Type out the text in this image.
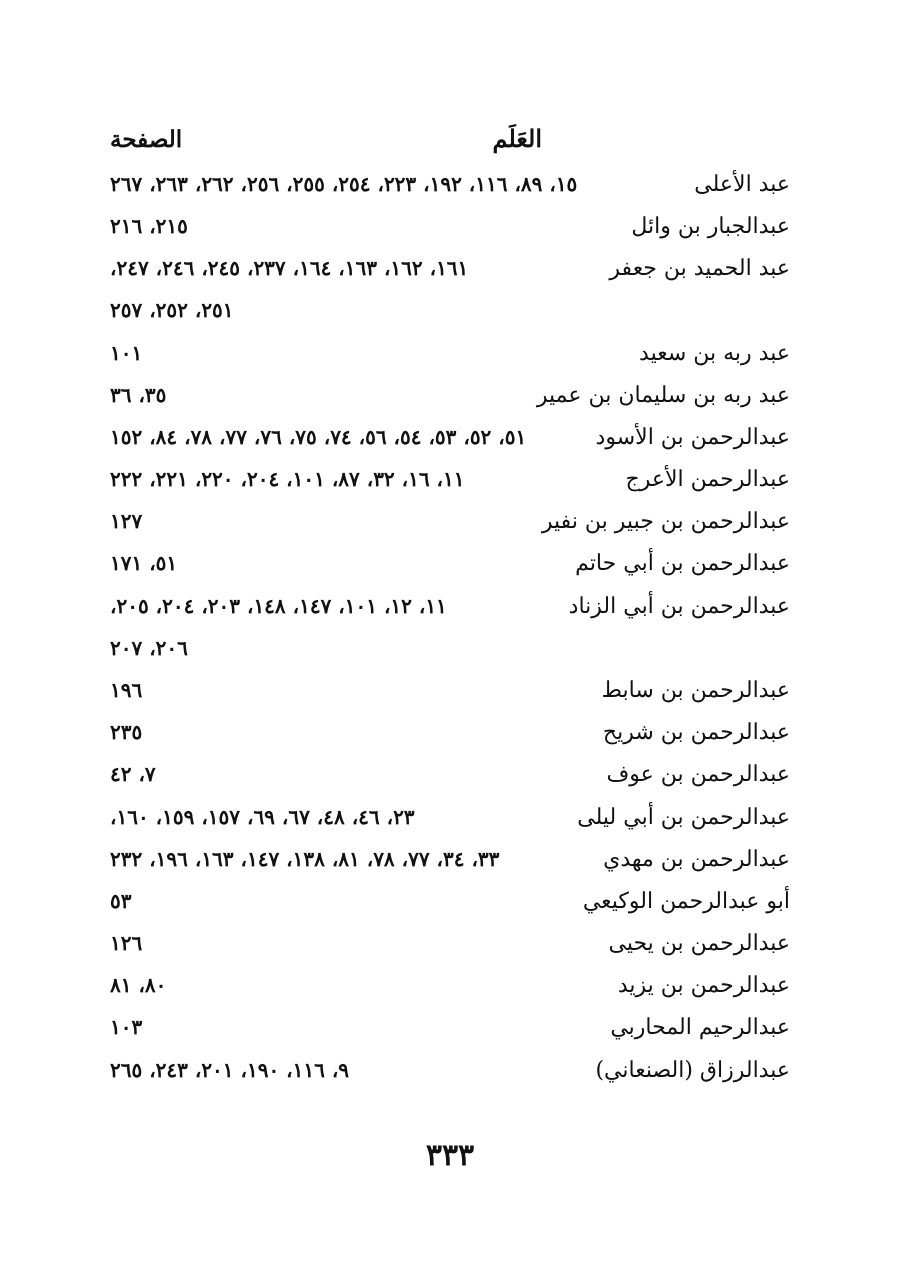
العَلَم
الصفحة
عبد الأعلى
١٥، ٨٩، ١١٦، ١٩٢، ٢٢٣، ٢٥٤، ٢٥٥، ٢٥٦، ٢٦٢، ٢٦٣، ٢٦٧
عبدالجبار بن وائل
٢١٥، ٢١٦
عبد الحميد بن جعفر
١٦١، ١٦٢، ١٦٣، ١٦٤، ٢٣٧، ٢٤٥، ٢٤٦، ٢٤٧،
٢٥١، ٢٥٢، ٢٥٧
عبد ربه بن سعيد
١٠١
عبد ربه بن سليمان بن عمير
٣٥، ٣٦
عبدالرحمن بن الأسود
٥١، ٥٢، ٥٣، ٥٤، ٥٦، ٧٤، ٧٥، ٧٦، ٧٧، ٧٨، ٨٤، ١٥٢
عبدالرحمن الأعرج
١١، ١٦، ٣٢، ٨٧، ١٠١، ٢٠٤، ٢٢٠، ٢٢١، ٢٢٢
عبدالرحمن بن جبير بن نفير
١٢٧
عبدالرحمن بن أبي حاتم
٥١، ١٧١
عبدالرحمن بن أبي الزناد
١١، ١٢، ١٠١، ١٤٧، ١٤٨، ٢٠٣، ٢٠٤، ٢٠٥،
٢٠٦، ٢٠٧
عبدالرحمن بن سابط
١٩٦
عبدالرحمن بن شريح
٢٣٥
عبدالرحمن بن عوف
٧، ٤٢
عبدالرحمن بن أبي ليلى
٢٣، ٤٦، ٤٨، ٦٧، ٦٩، ١٥٧، ١٥٩، ١٦٠،
عبدالرحمن بن مهدي
٣٣، ٣٤، ٧٧، ٧٨، ٨١، ١٣٨، ١٤٧، ١٦٣، ١٩٦، ٢٣٢
أبو عبدالرحمن الوكيعي
٥٣
عبدالرحمن بن يحيى
١٢٦
عبدالرحمن بن يزيد
٨٠، ٨١
عبدالرحيم المحاربي
١٠٣
عبدالرزاق (الصنعاني)
٩، ١١٦، ١٩٠، ٢٠١، ٢٤٣، ٢٦٥
٣٣٣
